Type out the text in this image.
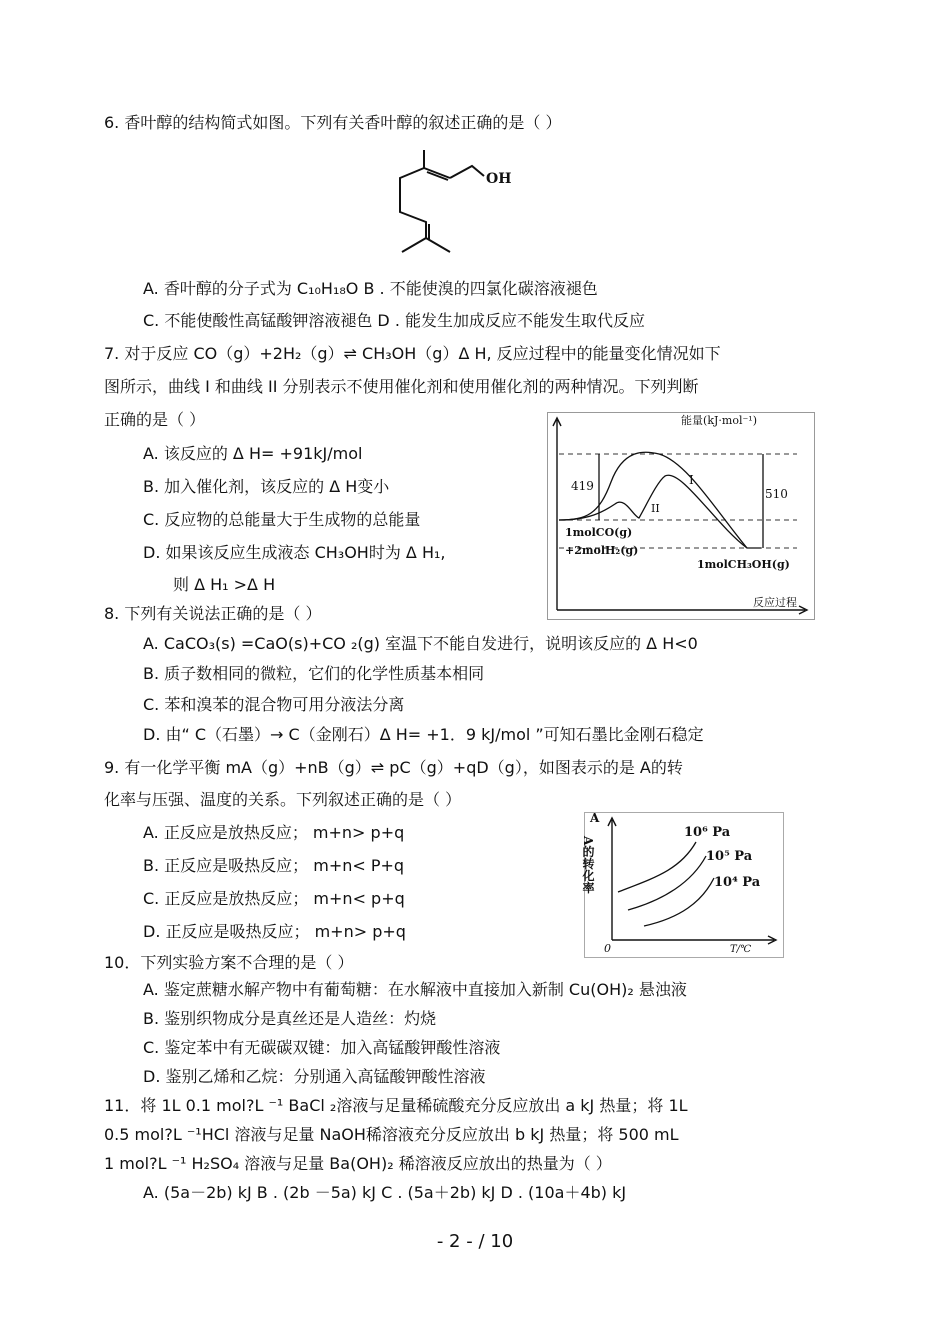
6. 香叶醇的结构简式如图。下列有关香叶醇的叙述正确的是（ ）
OH
A. 香叶醇的分子式为 C₁₀H₁₈O B . 不能使溴的四氯化碳溶液褪色
C. 不能使酸性高锰酸钾溶液褪色 D . 能发生加成反应不能发生取代反应
7. 对于反应 CO（g）+2H₂（g）⇌ CH₃OH（g）Δ H, 反应过程中的能量变化情况如下
图所示，曲线 I 和曲线 II 分别表示不使用催化剂和使用催化剂的两种情况。下列判断
正确的是（ ）
A. 该反应的 Δ H= +91kJ/mol
B. 加入催化剂，该反应的 Δ H变小
C. 反应物的总能量大于生成物的总能量
D. 如果该反应生成液态 CH₃OH时为 Δ H₁,
则 Δ H₁ >Δ H
能量(kJ·mol⁻¹)
419
510
I
II
1molCO(g)
+2molH₂(g)
1molCH₃OH(g)
反应过程
8. 下列有关说法正确的是（ ）
A. CaCO₃(s) =CaO(s)+CO ₂(g) 室温下不能自发进行，说明该反应的 Δ H<0
B. 质子数相同的微粒，它们的化学性质基本相同
C. 苯和溴苯的混合物可用分液法分离
D. 由“ C（石墨）→ C（金刚石）Δ H= +1．9 kJ/mol ”可知石墨比金刚石稳定
9. 有一化学平衡 mA（g）+nB（g）⇌ pC（g）+qD（g），如图表示的是 A的转
化率与压强、温度的关系。下列叙述正确的是（ ）
A. 正反应是放热反应； m+n> p+q
B. 正反应是吸热反应； m+n< P+q
C. 正反应是放热反应； m+n< p+q
D. 正反应是吸热反应； m+n> p+q
A
A的转化率
0	T/℃
10⁶ Pa
10⁵ Pa
10⁴ Pa
10．下列实验方案不合理的是（ ）
A. 鉴定蔗糖水解产物中有葡萄糖：在水解液中直接加入新制 Cu(OH)₂ 悬浊液
B. 鉴别织物成分是真丝还是人造丝：灼烧
C. 鉴定苯中有无碳碳双键：加入高锰酸钾酸性溶液
D. 鉴别乙烯和乙烷：分别通入高锰酸钾酸性溶液
11．将 1L 0.1 mol?L ⁻¹ BaCl ₂溶液与足量稀硫酸充分反应放出 a kJ 热量；将 1L
0.5 mol?L ⁻¹HCl 溶液与足量 NaOH稀溶液充分反应放出 b kJ 热量；将 500 mL
1 mol?L ⁻¹ H₂SO₄ 溶液与足量 Ba(OH)₂ 稀溶液反应放出的热量为（ ）
A. (5a－2b) kJ B . (2b －5a) kJ C . (5a＋2b) kJ D . (10a＋4b) kJ
- 2 - / 10
